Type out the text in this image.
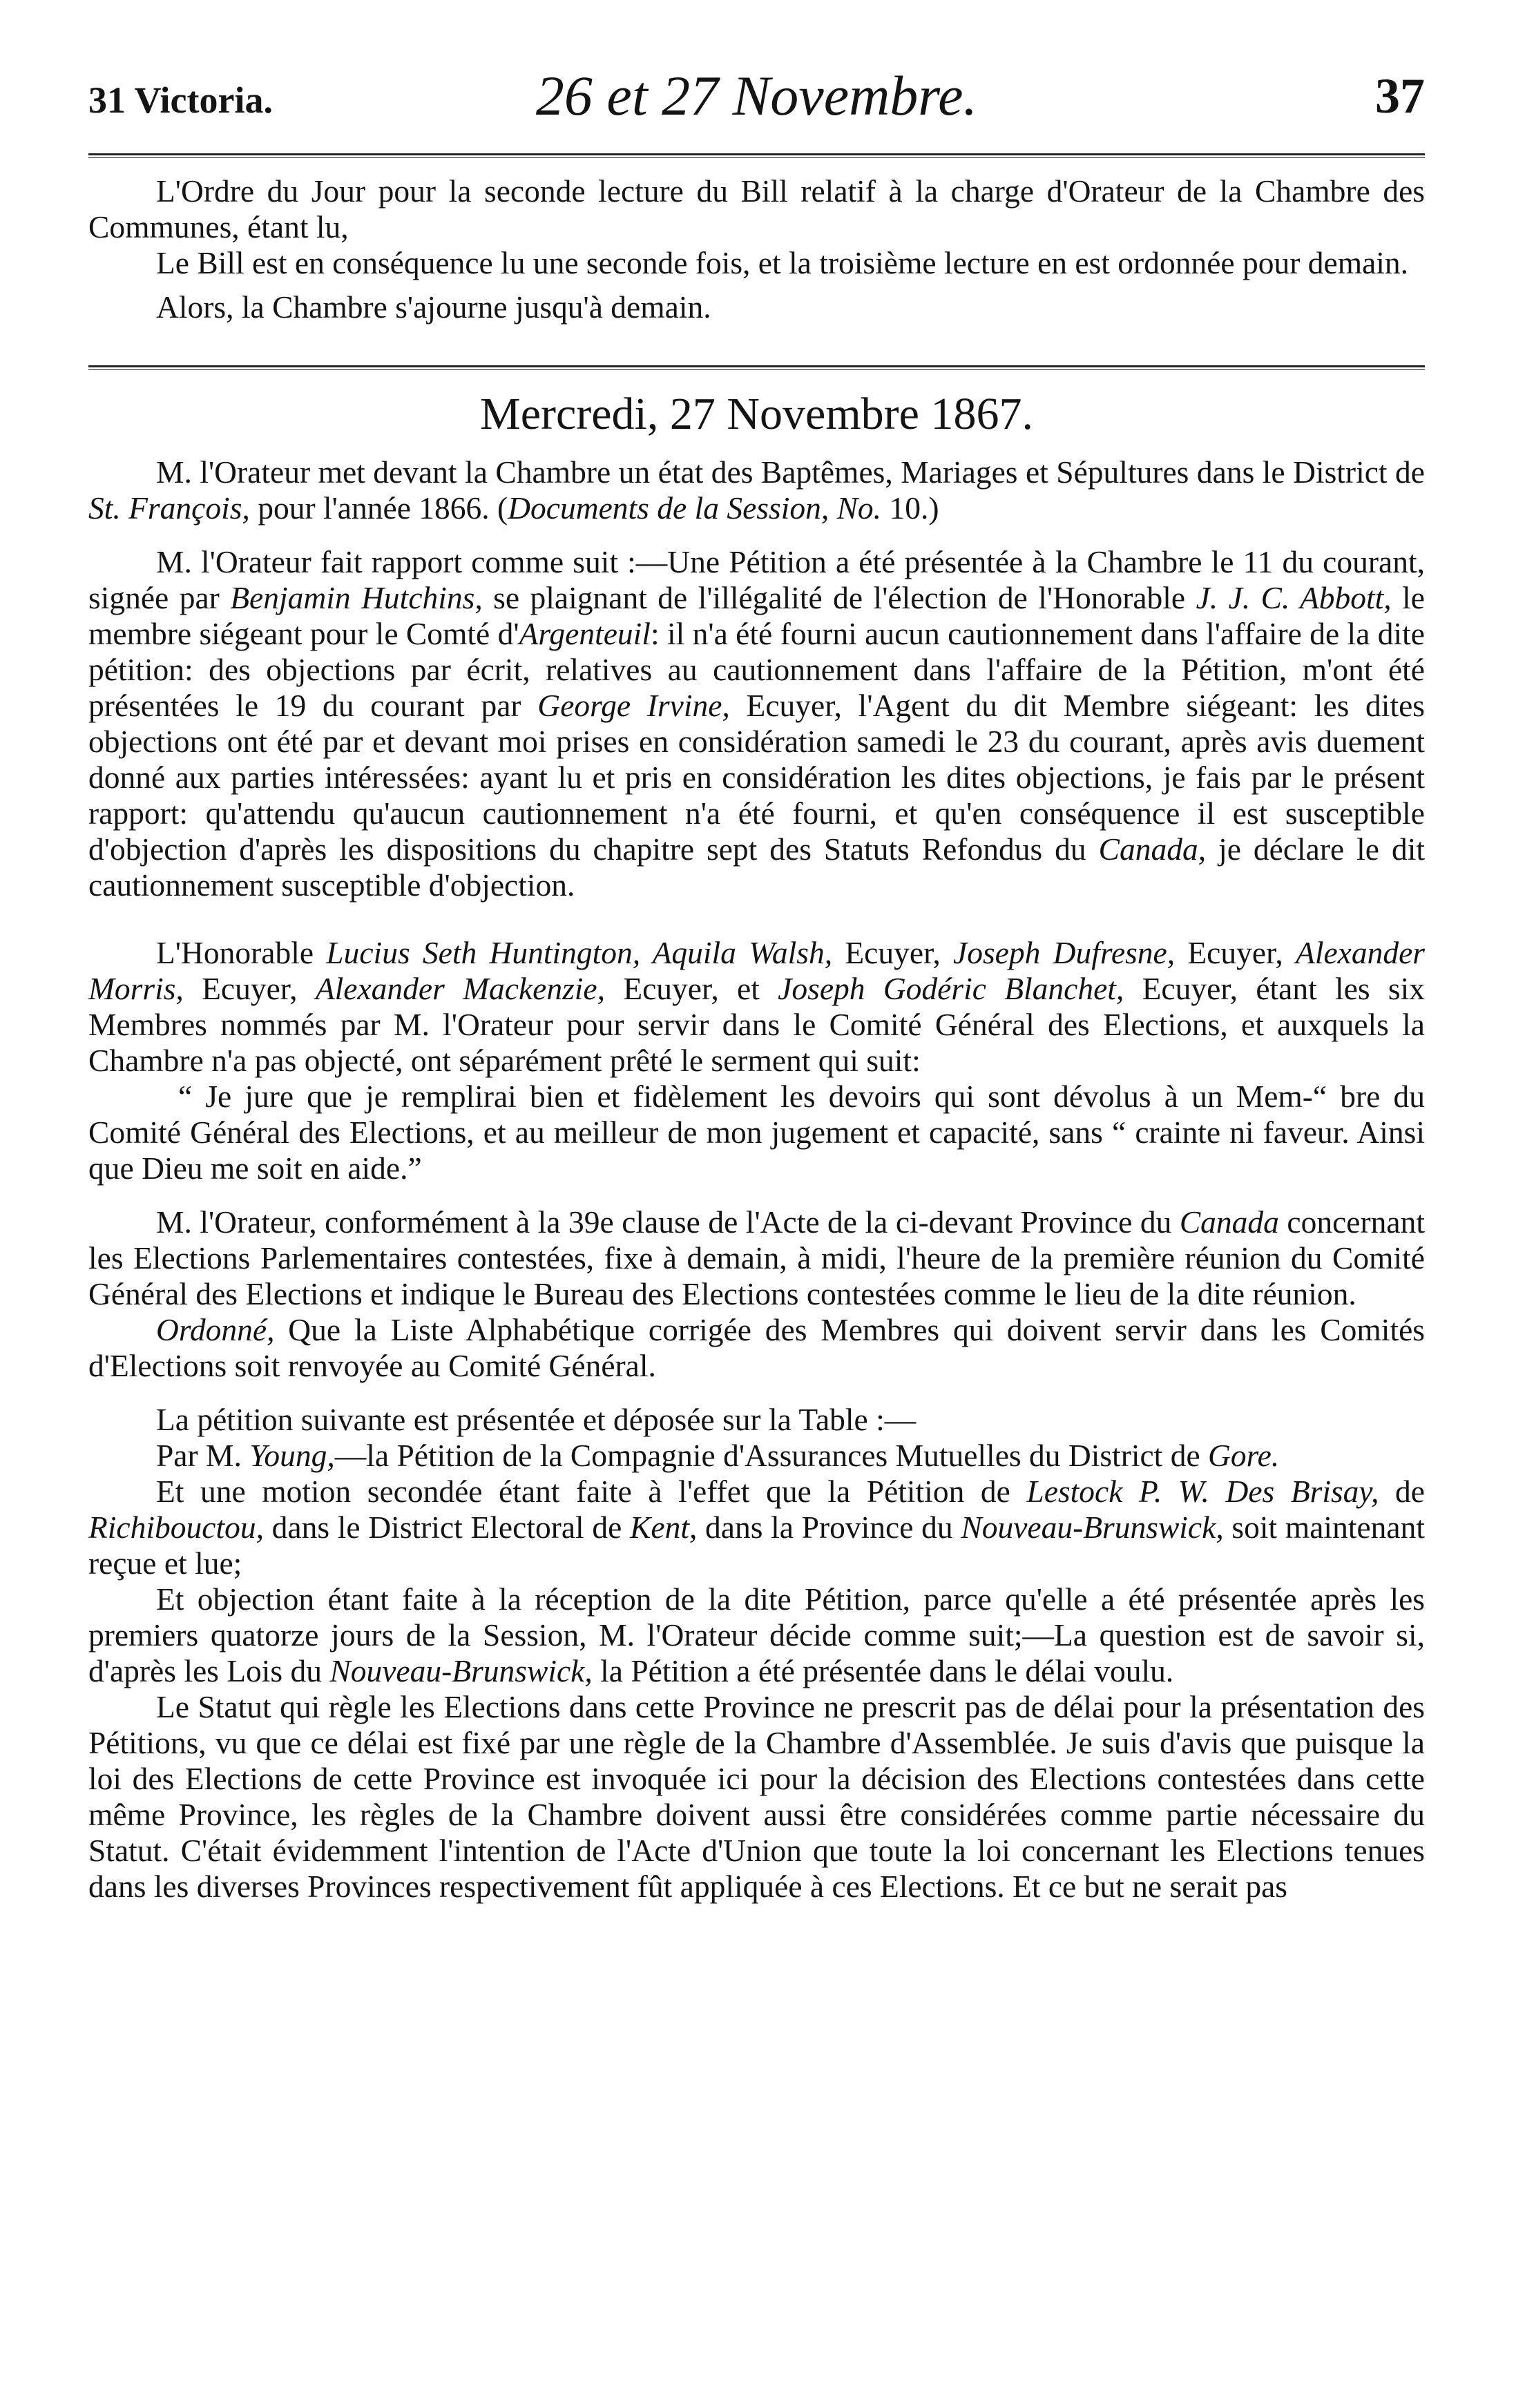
31 Victoria.	26 et 27 Novembre.	37

L'Ordre du Jour pour la seconde lecture du Bill relatif à la charge d'Orateur de la Chambre des Communes, étant lu,

Le Bill est en conséquence lu une seconde fois, et la troisième lecture en est ordonnée pour demain.

Alors, la Chambre s'ajourne jusqu'à demain.

Mercredi, 27 Novembre 1867.

M. l'Orateur met devant la Chambre un état des Baptêmes, Mariages et Sépultures dans le District de St. François, pour l'année 1866. (Documents de la Session, No. 10.)

M. l'Orateur fait rapport comme suit :—Une Pétition a été présentée à la Chambre le 11 du courant, signée par Benjamin Hutchins, se plaignant de l'illégalité de l'élection de l'Honorable J. J. C. Abbott, le membre siégeant pour le Comté d'Argenteuil: il n'a été fourni aucun cautionnement dans l'affaire de la dite pétition: des objections par écrit, relatives au cautionnement dans l'affaire de la Pétition, m'ont été présentées le 19 du courant par George Irvine, Ecuyer, l'Agent du dit Membre siégeant: les dites objections ont été par et devant moi prises en considération samedi le 23 du courant, après avis duement donné aux parties intéressées: ayant lu et pris en considération les dites objections, je fais par le présent rapport: qu'attendu qu'aucun cautionnement n'a été fourni, et qu'en conséquence il est susceptible d'objection d'après les dispositions du chapitre sept des Statuts Refondus du Canada, je déclare le dit cautionnement susceptible d'objection.

L'Honorable Lucius Seth Huntington, Aquila Walsh, Ecuyer, Joseph Dufresne, Ecuyer, Alexander Morris, Ecuyer, Alexander Mackenzie, Ecuyer, et Joseph Godéric Blanchet, Ecuyer, étant les six Membres nommés par M. l'Orateur pour servir dans le Comité Général des Elections, et auxquels la Chambre n'a pas objecté, ont séparément prêté le serment qui suit:

“ Je jure que je remplirai bien et fidèlement les devoirs qui sont dévolus à un Mem-“ bre du Comité Général des Elections, et au meilleur de mon jugement et capacité, sans “ crainte ni faveur. Ainsi que Dieu me soit en aide.”

M. l'Orateur, conformément à la 39e clause de l'Acte de la ci-devant Province du Canada concernant les Elections Parlementaires contestées, fixe à demain, à midi, l'heure de la première réunion du Comité Général des Elections et indique le Bureau des Elections contestées comme le lieu de la dite réunion.

Ordonné, Que la Liste Alphabétique corrigée des Membres qui doivent servir dans les Comités d'Elections soit renvoyée au Comité Général.

La pétition suivante est présentée et déposée sur la Table :—

Par M. Young,—la Pétition de la Compagnie d'Assurances Mutuelles du District de Gore.

Et une motion secondée étant faite à l'effet que la Pétition de Lestock P. W. Des Brisay, de Richibouctou, dans le District Electoral de Kent, dans la Province du Nouveau-Brunswick, soit maintenant reçue et lue;

Et objection étant faite à la réception de la dite Pétition, parce qu'elle a été présentée après les premiers quatorze jours de la Session, M. l'Orateur décide comme suit;—La question est de savoir si, d'après les Lois du Nouveau-Brunswick, la Pétition a été présentée dans le délai voulu.

Le Statut qui règle les Elections dans cette Province ne prescrit pas de délai pour la présentation des Pétitions, vu que ce délai est fixé par une règle de la Chambre d'Assemblée. Je suis d'avis que puisque la loi des Elections de cette Province est invoquée ici pour la décision des Elections contestées dans cette même Province, les règles de la Chambre doivent aussi être considérées comme partie nécessaire du Statut. C'était évidemment l'intention de l'Acte d'Union que toute la loi concernant les Elections tenues dans les diverses Provinces respectivement fût appliquée à ces Elections. Et ce but ne serait pas
